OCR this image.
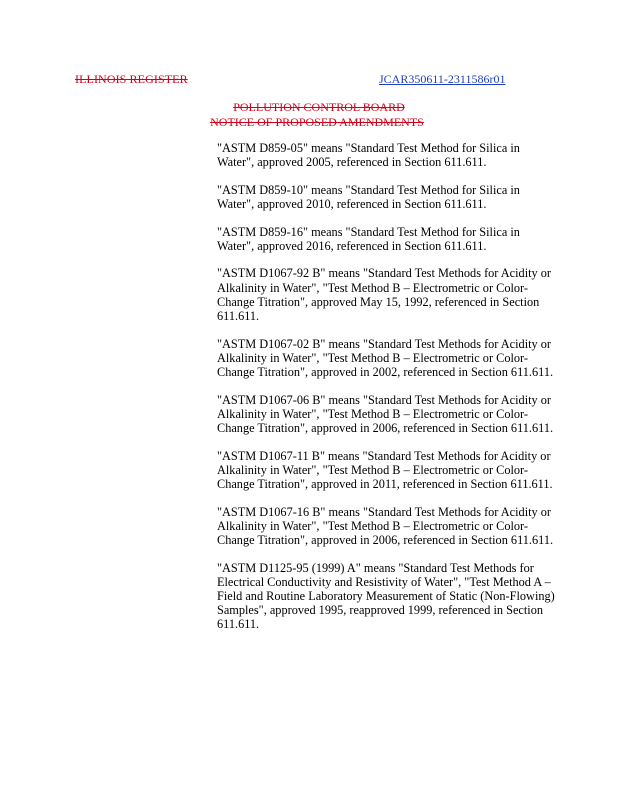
ILLINOIS REGISTER	JCAR350611-2311586r01
POLLUTION CONTROL BOARD
NOTICE OF PROPOSED AMENDMENTS

"ASTM D859-05" means "Standard Test Method for Silica in Water", approved 2005, referenced in Section 611.611.

"ASTM D859-10" means "Standard Test Method for Silica in Water", approved 2010, referenced in Section 611.611.

"ASTM D859-16" means "Standard Test Method for Silica in Water", approved 2016, referenced in Section 611.611.

"ASTM D1067-92 B" means "Standard Test Methods for Acidity or Alkalinity in Water", "Test Method B – Electrometric or Color-Change Titration", approved May 15, 1992, referenced in Section 611.611.

"ASTM D1067-02 B" means "Standard Test Methods for Acidity or Alkalinity in Water", "Test Method B – Electrometric or Color-Change Titration", approved in 2002, referenced in Section 611.611.

"ASTM D1067-06 B" means "Standard Test Methods for Acidity or Alkalinity in Water", "Test Method B – Electrometric or Color-Change Titration", approved in 2006, referenced in Section 611.611.

"ASTM D1067-11 B" means "Standard Test Methods for Acidity or Alkalinity in Water", "Test Method B – Electrometric or Color-Change Titration", approved in 2011, referenced in Section 611.611.

"ASTM D1067-16 B" means "Standard Test Methods for Acidity or Alkalinity in Water", "Test Method B – Electrometric or Color-Change Titration", approved in 2006, referenced in Section 611.611.

"ASTM D1125-95 (1999) A" means "Standard Test Methods for Electrical Conductivity and Resistivity of Water", "Test Method A – Field and Routine Laboratory Measurement of Static (Non-Flowing) Samples", approved 1995, reapproved 1999, referenced in Section 611.611.
